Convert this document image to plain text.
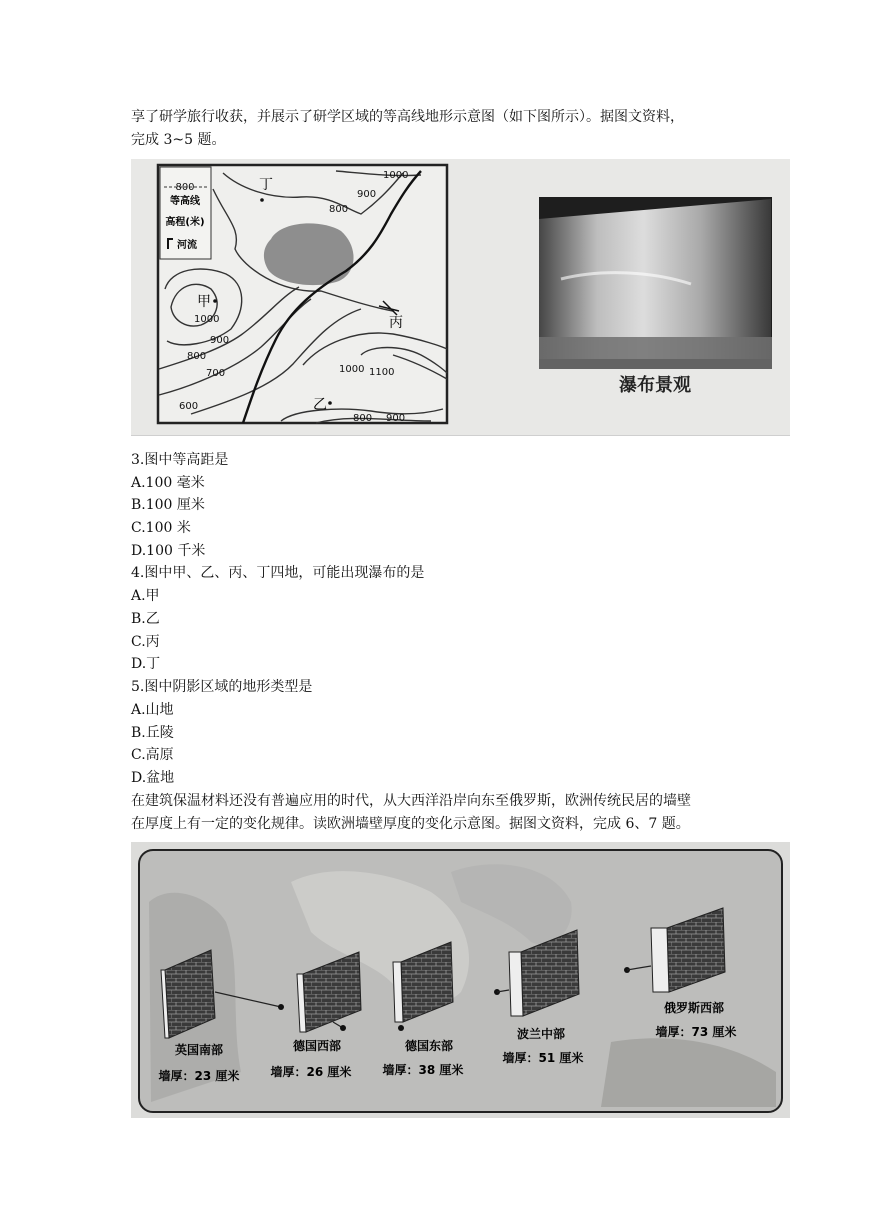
享了研学旅行收获，并展示了研学区域的等高线地形示意图（如下图所示）。据图文资料，
完成 3~5 题。
800
等高线
高程(米)
河流
丁
甲
丙
乙
1000
900
800
1000
900
800
700
600
1000 1100
800 900
瀑布景观
3.图中等高距是
A.100 毫米
B.100 厘米
C.100 米
D.100 千米
4.图中甲、乙、丙、丁四地，可能出现瀑布的是
A.甲
B.乙
C.丙
D.丁
5.图中阴影区域的地形类型是
A.山地
B.丘陵
C.高原
D.盆地
在建筑保温材料还没有普遍应用的时代，从大西洋沿岸向东至俄罗斯，欧洲传统民居的墙壁
在厚度上有一定的变化规律。读欧洲墙壁厚度的变化示意图。据图文资料，完成 6、7 题。
英国南部
墙厚：23 厘米
德国西部
墙厚：26 厘米
德国东部
墙厚：38 厘米
波兰中部
墙厚：51 厘米
俄罗斯西部
墙厚：73 厘米
